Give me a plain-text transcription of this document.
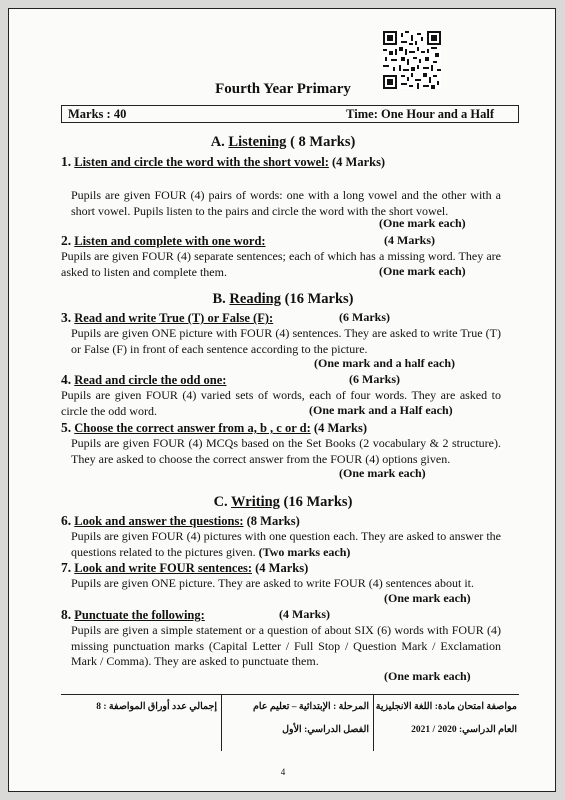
Fourth Year Primary
Marks : 40	Time: One Hour and a Half
A. Listening ( 8 Marks)
1. Listen and circle the word with the short vowel: (4 Marks)

Pupils are given FOUR (4) pairs of words: one with a long vowel and the other with a short vowel. Pupils listen to the pairs and circle the word with the short vowel.

(One mark each)
2. Listen and complete with one word:	(4 Marks)

Pupils are given FOUR (4) separate sentences; each of which has a missing word. They are asked to listen and complete them.	(One mark each)
B. Reading (16 Marks)
3. Read and write True (T) or False (F):	(6 Marks)

Pupils are given ONE picture with FOUR (4) sentences. They are asked to write True (T) or False (F) in front of each sentence according to the picture.

(One mark and a half each)
4. Read and circle the odd one:	(6 Marks)

Pupils are given FOUR (4) varied sets of words, each of four words. They are asked to circle the odd word.	(One mark and a Half each)
5. Choose the correct answer from a, b , c or d: (4 Marks)

Pupils are given FOUR (4) MCQs based on the Set Books (2 vocabulary & 2 structure). They are asked to choose the correct answer from the FOUR (4) options given.

(One mark each)
C. Writing (16 Marks)
6. Look and answer the questions: (8 Marks)

Pupils are given FOUR (4) pictures with one question each. They are asked to answer the questions related to the pictures given. (Two marks each)

7. Look and write FOUR sentences: (4 Marks)

Pupils are given ONE picture. They are asked to write FOUR (4) sentences about it.

(One mark each)
8. Punctuate the following:	(4 Marks)

Pupils are given a simple statement or a question of about SIX (6) words with FOUR (4) missing punctuation marks (Capital Letter / Full Stop / Question Mark / Exclamation Mark / Comma). They are asked to punctuate them.

(One mark each)
مواصفة امتحان مادة: اللغة الانجليزية
العام الدراسي: 2020 / 2021
المرحلة : الإبتدائية – تعليم عام
الفصل الدراسي: الأول
إجمالي عدد أوراق المواصفة : 8
4
